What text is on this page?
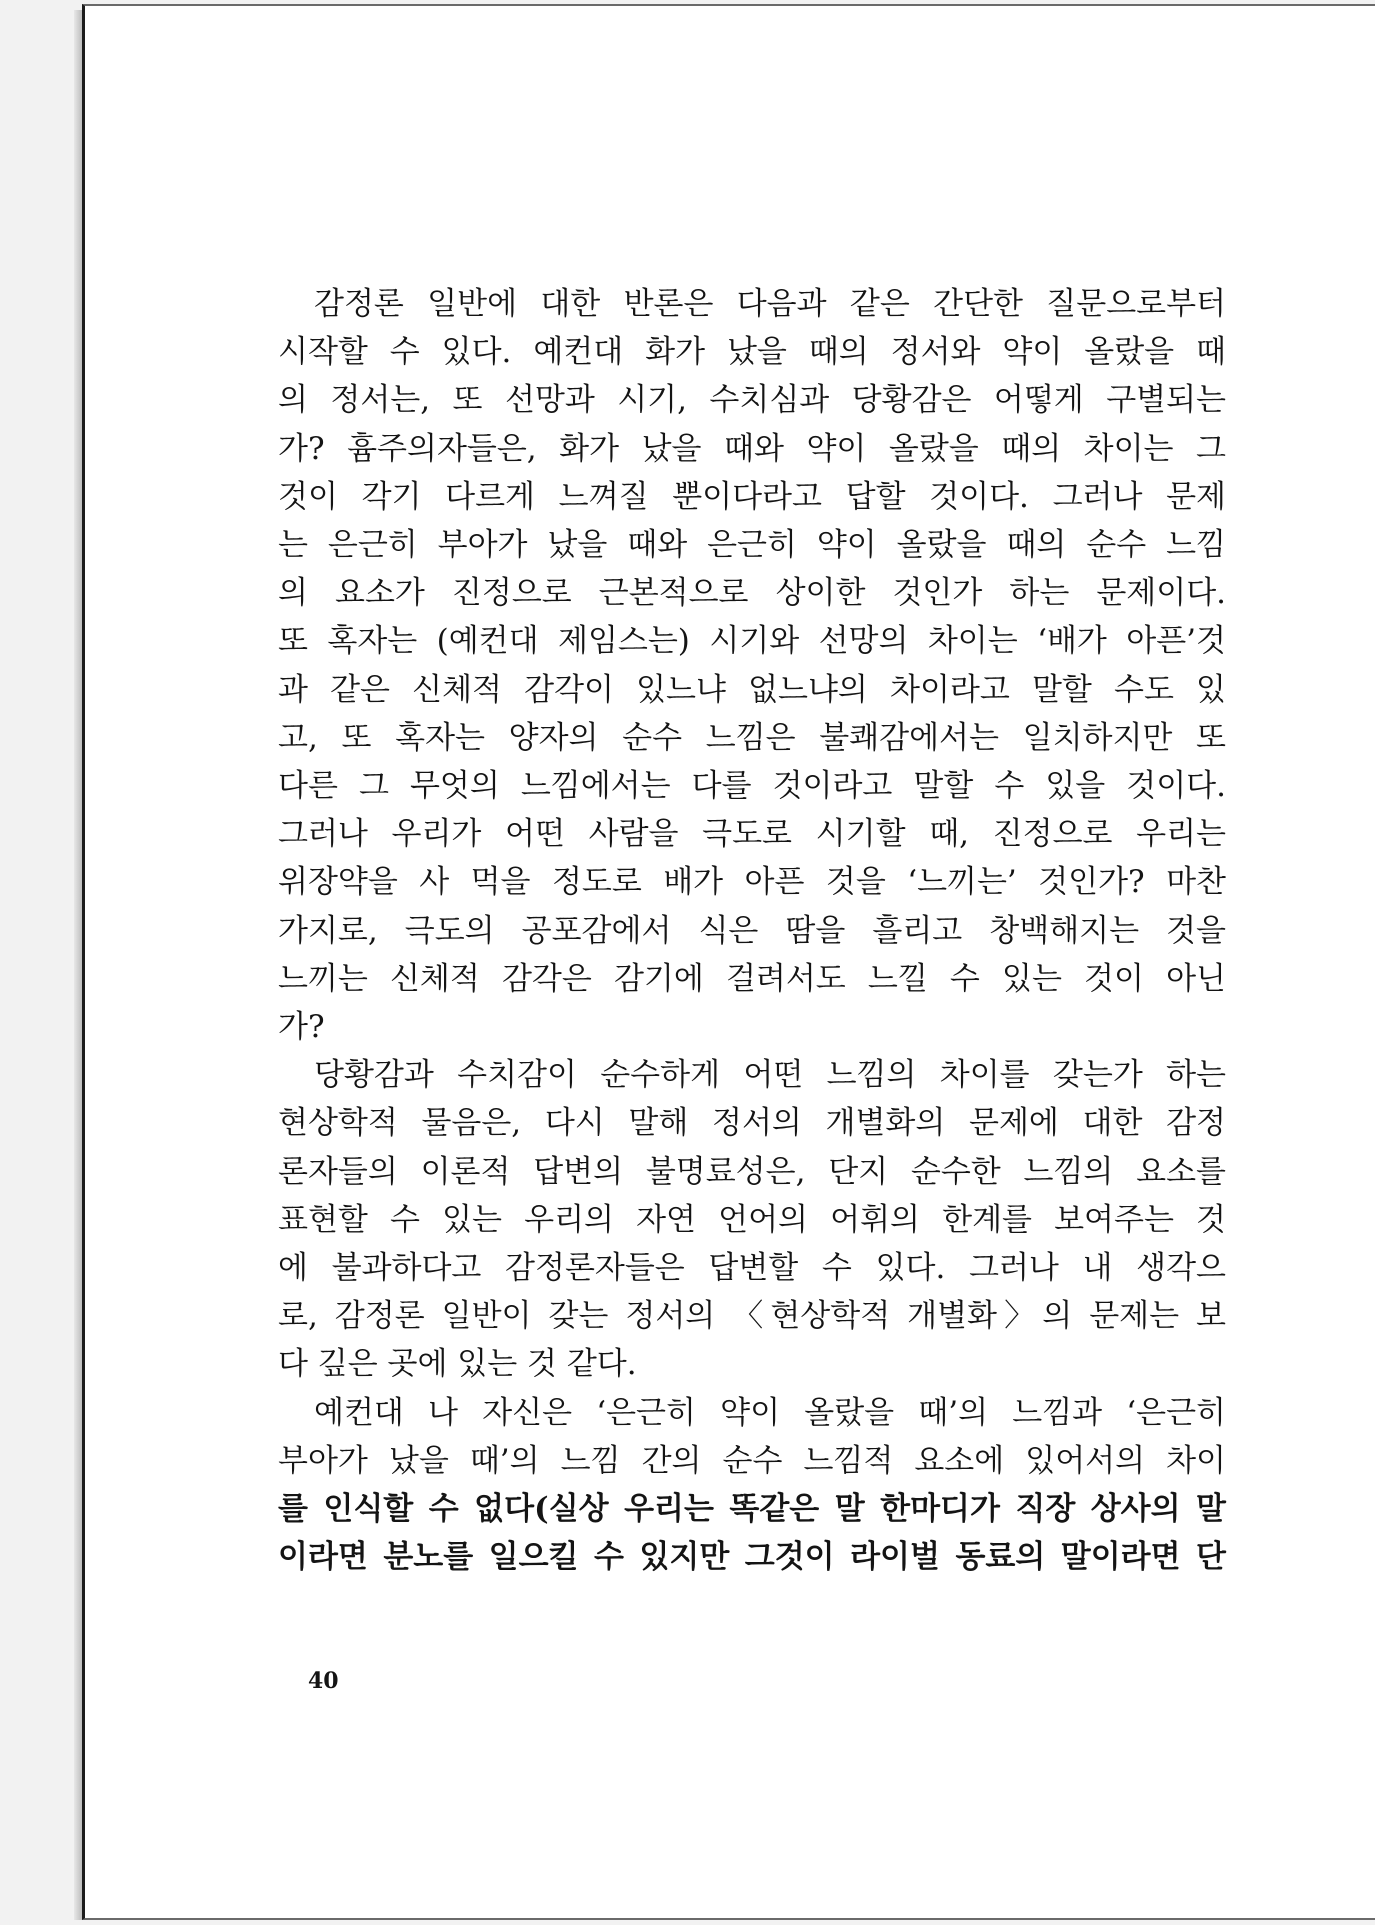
감정론 일반에 대한 반론은 다음과 같은 간단한 질문으로부터
시작할 수 있다. 예컨대 화가 났을 때의 정서와 약이 올랐을 때
의 정서는, 또 선망과 시기, 수치심과 당황감은 어떻게 구별되는
가? 흄주의자들은, 화가 났을 때와 약이 올랐을 때의 차이는 그
것이 각기 다르게 느껴질 뿐이다라고 답할 것이다. 그러나 문제
는 은근히 부아가 났을 때와 은근히 약이 올랐을 때의 순수 느낌
의 요소가 진정으로 근본적으로 상이한 것인가 하는 문제이다.
또 혹자는 (예컨대 제임스는) 시기와 선망의 차이는 ‘배가 아픈’것
과 같은 신체적 감각이 있느냐 없느냐의 차이라고 말할 수도 있
고, 또 혹자는 양자의 순수 느낌은 불쾌감에서는 일치하지만 또
다른 그 무엇의 느낌에서는 다를 것이라고 말할 수 있을 것이다.
그러나 우리가 어떤 사람을 극도로 시기할 때, 진정으로 우리는
위장약을 사 먹을 정도로 배가 아픈 것을 ‘느끼는’ 것인가? 마찬
가지로, 극도의 공포감에서 식은 땀을 흘리고 창백해지는 것을
느끼는 신체적 감각은 감기에 걸려서도 느낄 수 있는 것이 아닌
가?
당황감과 수치감이 순수하게 어떤 느낌의 차이를 갖는가 하는
현상학적 물음은, 다시 말해 정서의 개별화의 문제에 대한 감정
론자들의 이론적 답변의 불명료성은, 단지 순수한 느낌의 요소를
표현할 수 있는 우리의 자연 언어의 어휘의 한계를 보여주는 것
에 불과하다고 감정론자들은 답변할 수 있다. 그러나 내 생각으
로, 감정론 일반이 갖는 정서의 〈현상학적 개별화〉의 문제는 보
다 깊은 곳에 있는 것 같다.
예컨대 나 자신은 ‘은근히 약이 올랐을 때’의 느낌과 ‘은근히
부아가 났을 때’의 느낌 간의 순수 느낌적 요소에 있어서의 차이
를 인식할 수 없다(실상 우리는 똑같은 말 한마디가 직장 상사의 말
이라면 분노를 일으킬 수 있지만 그것이 라이벌 동료의 말이라면 단
40
